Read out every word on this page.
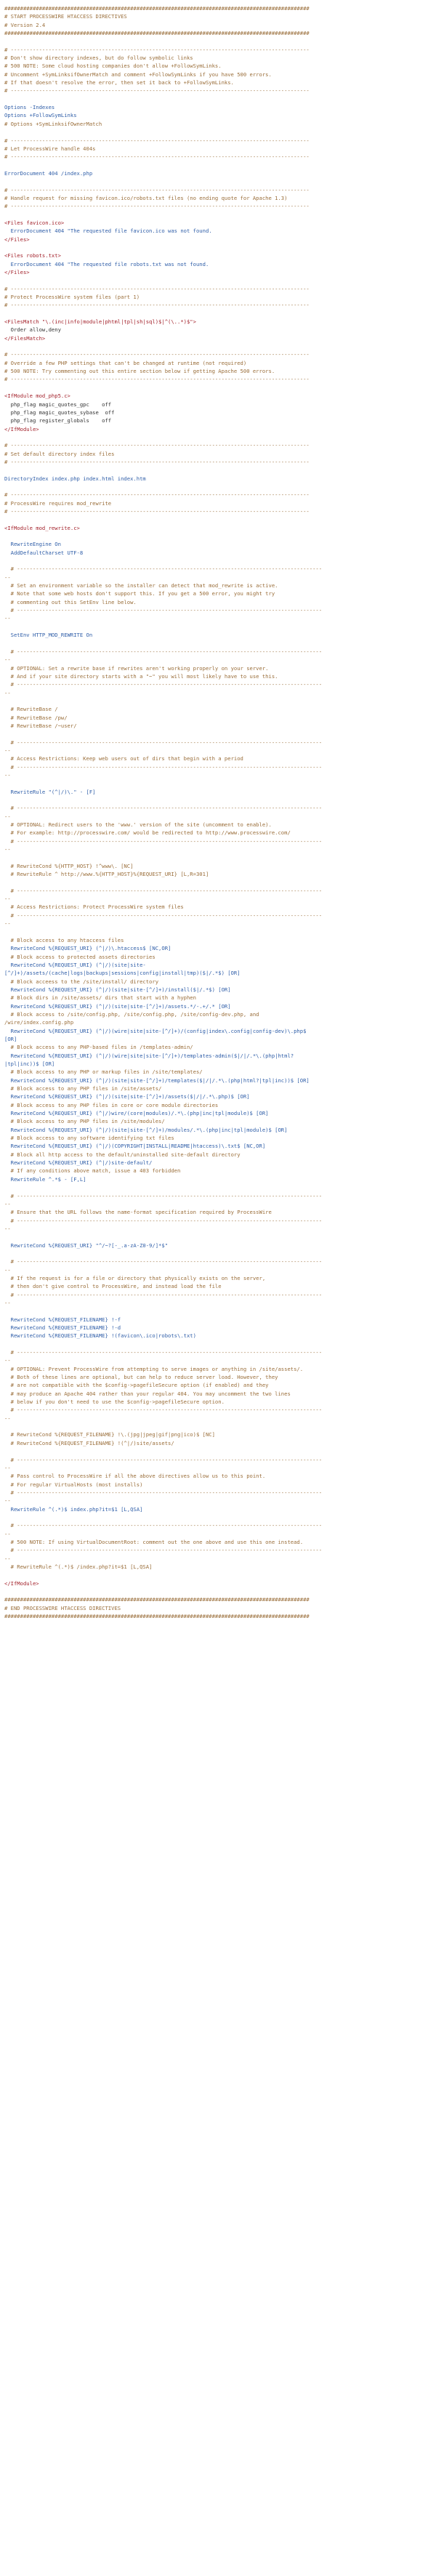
#################################################################################################
# START PROCESSWIRE HTACCESS DIRECTIVES
# Version 2.4
#################################################################################################
# -----------------------------------------------------------------------------------------------
# Don't show directory indexes, but do follow symbolic links
# 500 NOTE: Some cloud hosting companies don't allow +FollowSymLinks.
# Uncomment +SymLinksifOwnerMatch and comment +FollowSymLinks if you have 500 errors.
# If that doesn't resolve the error, then set it back to +FollowSymLinks.
# -----------------------------------------------------------------------------------------------
Options -Indexes
Options +FollowSymLinks
# Options +SymLinksifOwnerMatch
# -----------------------------------------------------------------------------------------------
# Let ProcessWire handle 404s
# -----------------------------------------------------------------------------------------------
ErrorDocument 404 /index.php
# -----------------------------------------------------------------------------------------------
# Handle request for missing favicon.ico/robots.txt files (no ending quote for Apache 1.3)
# -----------------------------------------------------------------------------------------------
<Files favicon.ico>
ErrorDocument 404 "The requested file favicon.ico was not found.
</Files>
<Files robots.txt>
ErrorDocument 404 "The requested file robots.txt was not found.
</Files>
# -----------------------------------------------------------------------------------------------
# Protect ProcessWire system files (part 1)
# -----------------------------------------------------------------------------------------------
<FilesMatch "\.(inc|info|module|phtml|tpl|sh|sql)$|^(\..*)$">
Order allow,deny
</FilesMatch>
# -----------------------------------------------------------------------------------------------
# Override a few PHP settings that can't be changed at runtime (not required)
# 500 NOTE: Try commenting out this entire section below if getting Apache 500 errors.
# -----------------------------------------------------------------------------------------------
<IfModule mod_php5.c>
php_flag magic_quotes_gpc    off
php_flag magic_quotes_sybase  off
php_flag register_globals    off
</IfModule>
# -----------------------------------------------------------------------------------------------
# Set default directory index files
# -----------------------------------------------------------------------------------------------
DirectoryIndex index.php index.html index.htm
# -----------------------------------------------------------------------------------------------
# ProcessWire requires mod_rewrite
# -----------------------------------------------------------------------------------------------
<IfModule mod_rewrite.c>
RewriteEngine On
AddDefaultCharset UTF-8
# -------------------------------------------------------------------------------------------------
--
# Set an environment variable so the installer can detect that mod_rewrite is active.
# Note that some web hosts don't support this. If you get a 500 error, you might try
# commenting out this SetEnv line below.
# -------------------------------------------------------------------------------------------------
--
SetEnv HTTP_MOD_REWRITE On
# -------------------------------------------------------------------------------------------------
--
# OPTIONAL: Set a rewrite base if rewrites aren't working properly on your server.
# And if your site directory starts with a "~" you will most likely have to use this.
# -------------------------------------------------------------------------------------------------
--
# RewriteBase /
# RewriteBase /pw/
# RewriteBase /~user/
# -------------------------------------------------------------------------------------------------
--
# Access Restrictions: Keep web users out of dirs that begin with a period
# -------------------------------------------------------------------------------------------------
--
RewriteRule "(^|/)\." - [F]
# -------------------------------------------------------------------------------------------------
--
# OPTIONAL: Redirect users to the 'www.' version of the site (uncomment to enable).
# For example: http://processwire.com/ would be redirected to http://www.processwire.com/
# -------------------------------------------------------------------------------------------------
--
# RewriteCond %{HTTP_HOST} !^www\. [NC]
# RewriteRule ^ http://www.%{HTTP_HOST}%{REQUEST_URI} [L,R=301]
# -------------------------------------------------------------------------------------------------
--
# Access Restrictions: Protect ProcessWire system files
# -------------------------------------------------------------------------------------------------
--
# Block access to any htaccess files
RewriteCond %{REQUEST_URI} (^|/)\.htaccess$ [NC,OR]
# Block access to protected assets directories
RewriteCond %{REQUEST_URI} (^|/)(site|site-
[^/]+)/assets/(cache|logs|backups|sessions|config|install|tmp)($|/.*$) [OR]
# Block acceess to the /site/install/ directory
RewriteCond %{REQUEST_URI} (^|/)(site|site-[^/]+)/install($|/.*$) [OR]
# Block dirs in /site/assets/ dirs that start with a hyphen
RewriteCond %{REQUEST_URI} (^|/)(site|site-[^/]+)/assets.*/-.+/.* [OR]
# Block access to /site/config.php, /site/config.php, /site/config-dev.php, and
/wire/index.config.php
RewriteCond %{REQUEST_URI} (^|/)(wire|site|site-[^/]+)/(config|index\.config|config-dev)\.php$
[OR]
# Block access to any PHP-based files in /templates-admin/
RewriteCond %{REQUEST_URI} (^|/)(wire|site|site-[^/]+)/templates-admin($|/|/.*\.(php|html?
|tpl|inc))$ [OR]
# Block access to any PHP or markup files in /site/templates/
RewriteCond %{REQUEST_URI} (^|/)(site|site-[^/]+)/templates($|/|/.*\.(php|html?|tpl|inc))$ [OR]
# Block access to any PHP files in /site/assets/
RewriteCond %{REQUEST_URI} (^|/)(site|site-[^/]+)/assets($|/|/.*\.php)$ [OR]
# Block access to any PHP files in core or core module directories
RewriteCond %{REQUEST_URI} (^|/)wire/(core|modules)/.*\.(php|inc|tpl|module)$ [OR]
# Block access to any PHP files in /site/modules/
RewriteCond %{REQUEST_URI} (^|/)(site|site-[^/]+)/modules/.*\.(php|inc|tpl|module)$ [OR]
# Block access to any software identifying txt files
RewriteCond %{REQUEST_URI} (^|/)(COPYRIGHT|INSTALL|README|htaccess)\.txt$ [NC,OR]
# Block all http access to the default/uninstalled site-default directory
RewriteCond %{REQUEST_URI} (^|/)site-default/
# If any conditions above match, issue a 403 forbidden
RewriteRule ^.*$ - [F,L]
# -------------------------------------------------------------------------------------------------
--
# Ensure that the URL follows the name-format specification required by ProcessWire
# -------------------------------------------------------------------------------------------------
--
RewriteCond %{REQUEST_URI} "^/~?[-_.a-zA-Z0-9/]*$"
# -------------------------------------------------------------------------------------------------
--
# If the request is for a file or directory that physically exists on the server,
# then don't give control to ProcessWire, and instead load the file
# -------------------------------------------------------------------------------------------------
--
RewriteCond %{REQUEST_FILENAME} !-f
RewriteCond %{REQUEST_FILENAME} !-d
RewriteCond %{REQUEST_FILENAME} !(favicon\.ico|robots\.txt)
# -------------------------------------------------------------------------------------------------
--
# OPTIONAL: Prevent ProcessWire from attempting to serve images or anything in /site/assets/.
# Both of these lines are optional, but can help to reduce server load. However, they
# are not compatible with the $config->pagefileSecure option (if enabled) and they
# may produce an Apache 404 rather than your regular 404. You may uncomment the two lines
# below if you don't need to use the $config->pagefileSecure option.
# -------------------------------------------------------------------------------------------------
--
# RewriteCond %{REQUEST_FILENAME} !\.(jpg|jpeg|gif|png|ico)$ [NC]
# RewriteCond %{REQUEST_FILENAME} !(^|/)site/assets/
# -------------------------------------------------------------------------------------------------
--
# Pass control to ProcessWire if all the above directives allow us to this point.
# For regular VirtualHosts (most installs)
# -------------------------------------------------------------------------------------------------
--
RewriteRule ^(.*)$ index.php?it=$1 [L,QSA]
# -------------------------------------------------------------------------------------------------
--
# 500 NOTE: If using VirtualDocumentRoot: comment out the one above and use this one instead.
# -------------------------------------------------------------------------------------------------
--
# RewriteRule ^(.*)$ /index.php?it=$1 [L,QSA]
</IfModule>
#################################################################################################
# END PROCESSWIRE HTACCESS DIRECTIVES
#################################################################################################
